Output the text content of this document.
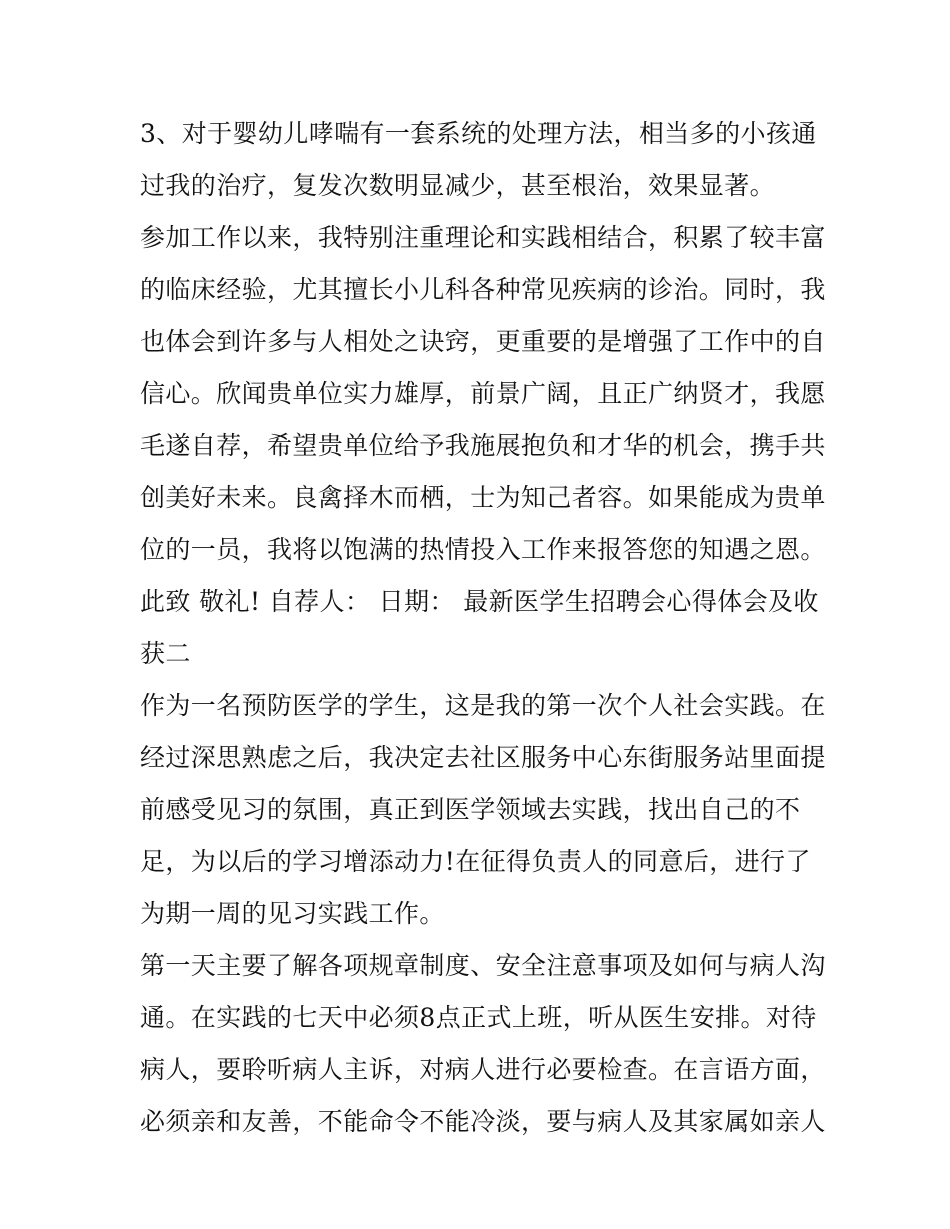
3、对于婴幼儿哮喘有一套系统的处理方法，相当多的小孩通
过我的治疗，复发次数明显减少，甚至根治，效果显著。
参加工作以来，我特别注重理论和实践相结合，积累了较丰富
的临床经验，尤其擅长小儿科各种常见疾病的诊治。同时，我
也体会到许多与人相处之诀窍，更重要的是增强了工作中的自
信心。欣闻贵单位实力雄厚，前景广阔，且正广纳贤才，我愿
毛遂自荐，希望贵单位给予我施展抱负和才华的机会，携手共
创美好未来。良禽择木而栖，士为知己者容。如果能成为贵单
位的一员，我将以饱满的热情投入工作来报答您的知遇之恩。
此致 敬礼! 自荐人： 日期： 最新医学生招聘会心得体会及收
获二
作为一名预防医学的学生，这是我的第一次个人社会实践。在
经过深思熟虑之后，我决定去社区服务中心东街服务站里面提
前感受见习的氛围，真正到医学领域去实践，找出自己的不
足，为以后的学习增添动力!在征得负责人的同意后，进行了
为期一周的见习实践工作。
第一天主要了解各项规章制度、安全注意事项及如何与病人沟
通。在实践的七天中必须8点正式上班，听从医生安排。对待
病人，要聆听病人主诉，对病人进行必要检查。在言语方面，
必须亲和友善，不能命令不能冷淡，要与病人及其家属如亲人
